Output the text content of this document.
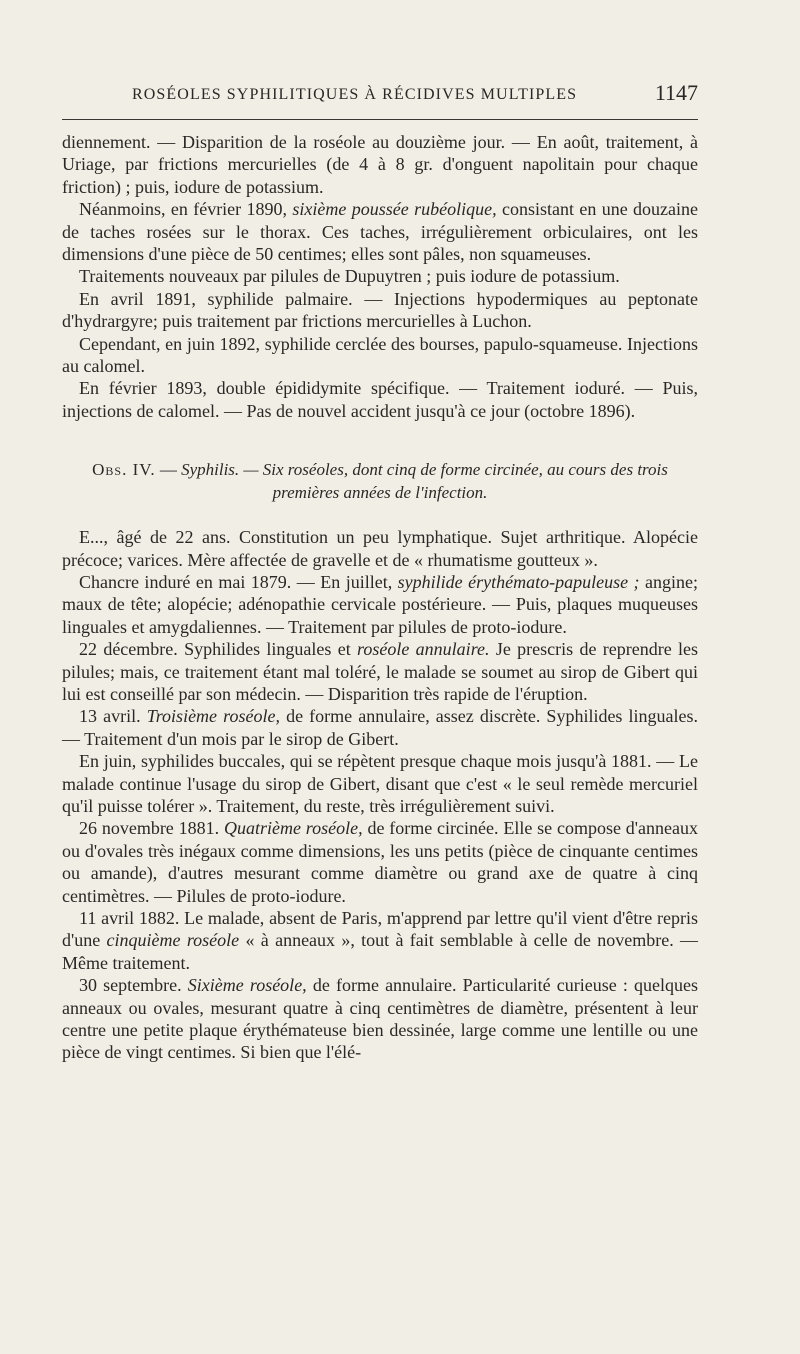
ROSÉOLES SYPHILITIQUES À RÉCIDIVES MULTIPLES	1147

diennement. — Disparition de la roséole au douzième jour. — En août, traitement, à Uriage, par frictions mercurielles (de 4 à 8 gr. d'onguent napolitain pour chaque friction) ; puis, iodure de potassium.

Néanmoins, en février 1890, sixième poussée rubéolique, consistant en une douzaine de taches rosées sur le thorax. Ces taches, irrégulièrement orbiculaires, ont les dimensions d'une pièce de 50 centimes; elles sont pâles, non squameuses.

Traitements nouveaux par pilules de Dupuytren ; puis iodure de potassium.

En avril 1891, syphilide palmaire. — Injections hypodermiques au peptonate d'hydrargyre; puis traitement par frictions mercurielles à Luchon.

Cependant, en juin 1892, syphilide cerclée des bourses, papulo-squameuse. Injections au calomel.

En février 1893, double épididymite spécifique. — Traitement ioduré. — Puis, injections de calomel. — Pas de nouvel accident jusqu'à ce jour (octobre 1896).

Obs. IV. — Syphilis. — Six roséoles, dont cinq de forme circinée, au cours des trois premières années de l'infection.

E..., âgé de 22 ans. Constitution un peu lymphatique. Sujet arthritique. Alopécie précoce; varices. Mère affectée de gravelle et de « rhumatisme goutteux ».

Chancre induré en mai 1879. — En juillet, syphilide érythémato-papuleuse ; angine; maux de tête; alopécie; adénopathie cervicale postérieure. — Puis, plaques muqueuses linguales et amygdaliennes. — Traitement par pilules de proto-iodure.

22 décembre. Syphilides linguales et roséole annulaire. Je prescris de reprendre les pilules; mais, ce traitement étant mal toléré, le malade se soumet au sirop de Gibert qui lui est conseillé par son médecin. — Disparition très rapide de l'éruption.

13 avril. Troisième roséole, de forme annulaire, assez discrète. Syphilides linguales. — Traitement d'un mois par le sirop de Gibert.

En juin, syphilides buccales, qui se répètent presque chaque mois jusqu'à 1881. — Le malade continue l'usage du sirop de Gibert, disant que c'est « le seul remède mercuriel qu'il puisse tolérer ». Traitement, du reste, très irrégulièrement suivi.

26 novembre 1881. Quatrième roséole, de forme circinée. Elle se compose d'anneaux ou d'ovales très inégaux comme dimensions, les uns petits (pièce de cinquante centimes ou amande), d'autres mesurant comme diamètre ou grand axe de quatre à cinq centimètres. — Pilules de proto-iodure.

11 avril 1882. Le malade, absent de Paris, m'apprend par lettre qu'il vient d'être repris d'une cinquième roséole « à anneaux », tout à fait semblable à celle de novembre. — Même traitement.

30 septembre. Sixième roséole, de forme annulaire. Particularité curieuse : quelques anneaux ou ovales, mesurant quatre à cinq centimètres de diamètre, présentent à leur centre une petite plaque érythémateuse bien dessinée, large comme une lentille ou une pièce de vingt centimes. Si bien que l'élé-
